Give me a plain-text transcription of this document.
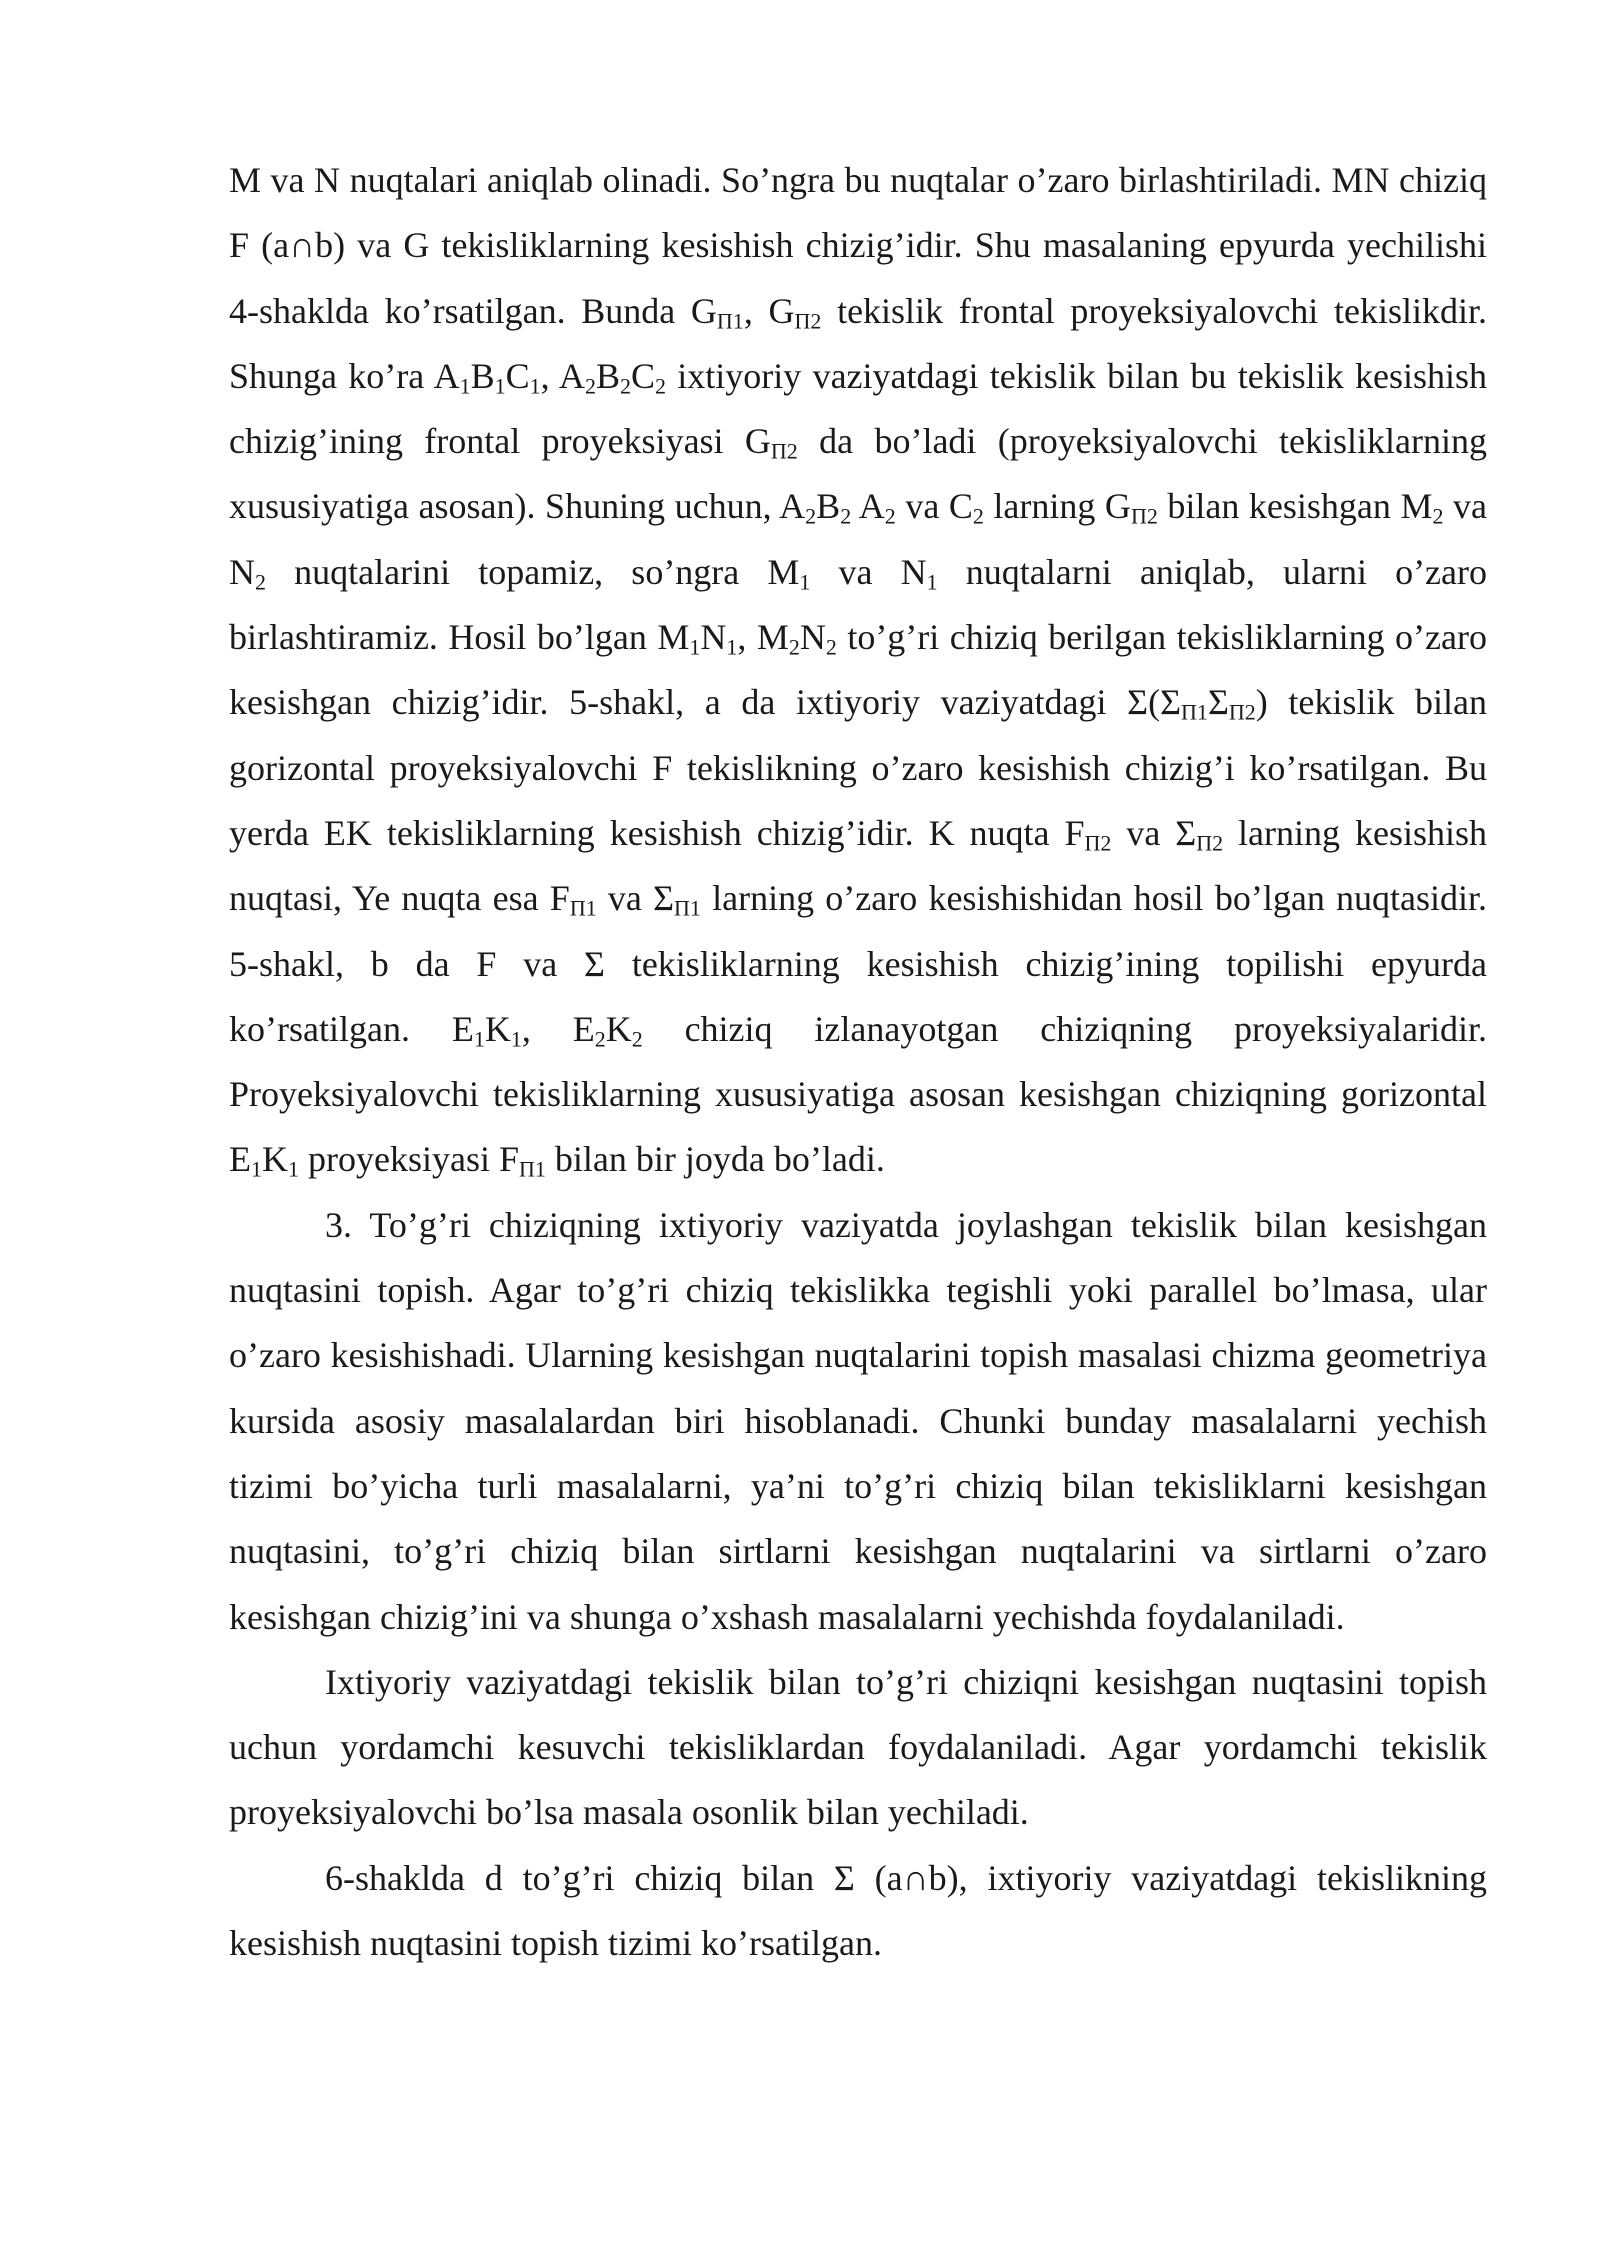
M va N nuqtalari aniqlab olinadi. So’ngra bu nuqtalar o’zaro birlashtiriladi. MN chiziq F (a∩b) va G tekisliklarning kesishish chizig’idir. Shu masalaning epyurda yechilishi 4-shaklda ko’rsatilgan. Bunda $G_{П1}$, $G_{П2}$ tekislik frontal proyeksiyalovchi tekislikdir. Shunga ko’ra $A_1B_1C_1$, $A_2B_2C_2$ ixtiyoriy vaziyatdagi tekislik bilan bu tekislik kesishish chizig’ining frontal proyeksiyasi $G_{П2}$ da bo’ladi (proyeksiyalovchi tekisliklarning xususiyatiga asosan). Shuning uchun, $A_2B_2$ $A_2$ va $C_2$ larning $G_{П2}$ bilan kesishgan $M_2$ va $N_2$ nuqtalarini topamiz, so’ngra $M_1$ va $N_1$ nuqtalarni aniqlab, ularni o’zaro birlashtiramiz. Hosil bo’lgan $M_1N_1$, $M_2N_2$ to’g’ri chiziq berilgan tekisliklarning o’zaro kesishgan chizig’idir. 5-shakl, a da ixtiyoriy vaziyatdagi $\Sigma(\Sigma_{П1}\Sigma_{П2})$ tekislik bilan gorizontal proyeksiyalovchi F tekislikning o’zaro kesishish chizig’i ko’rsatilgan. Bu yerda EK tekisliklarning kesishish chizig’idir. K nuqta $F_{П2}$ va $\Sigma_{П2}$ larning kesishish nuqtasi, Ye nuqta esa $F_{П1}$ va $\Sigma_{П1}$ larning o’zaro kesishishidan hosil bo’lgan nuqtasidir. 5-shakl, b da F va Σ tekisliklarning kesishish chizig’ining topilishi epyurda ko’rsatilgan. $E_1K_1$, $E_2K_2$ chiziq izlanayotgan chiziqning proyeksiyalaridir. Proyeksiyalovchi tekisliklarning xususiyatiga asosan kesishgan chiziqning gorizontal $E_1K_1$ proyeksiyasi $F_{П1}$ bilan bir joyda bo’ladi.

3. To’g’ri chiziqning ixtiyoriy vaziyatda joylashgan tekislik bilan kesishgan nuqtasini topish. Agar to’g’ri chiziq tekislikka tegishli yoki parallel bo’lmasa, ular o’zaro kesishishadi. Ularning kesishgan nuqtalarini topish masalasi chizma geometriya kursida asosiy masalalardan biri hisoblanadi. Chunki bunday masalalarni yechish tizimi bo’yicha turli masalalarni, ya’ni to’g’ri chiziq bilan tekisliklarni kesishgan nuqtasini, to’g’ri chiziq bilan sirtlarni kesishgan nuqtalarini va sirtlarni o’zaro kesishgan chizig’ini va shunga o’xshash masalalarni yechishda foydalaniladi.

Ixtiyoriy vaziyatdagi tekislik bilan to’g’ri chiziqni kesishgan nuqtasini topish uchun yordamchi kesuvchi tekisliklardan foydalaniladi. Agar yordamchi tekislik proyeksiyalovchi bo’lsa masala osonlik bilan yechiladi.

6-shaklda d to’g’ri chiziq bilan Σ (a∩b), ixtiyoriy vaziyatdagi tekislikning kesishish nuqtasini topish tizimi ko’rsatilgan.
